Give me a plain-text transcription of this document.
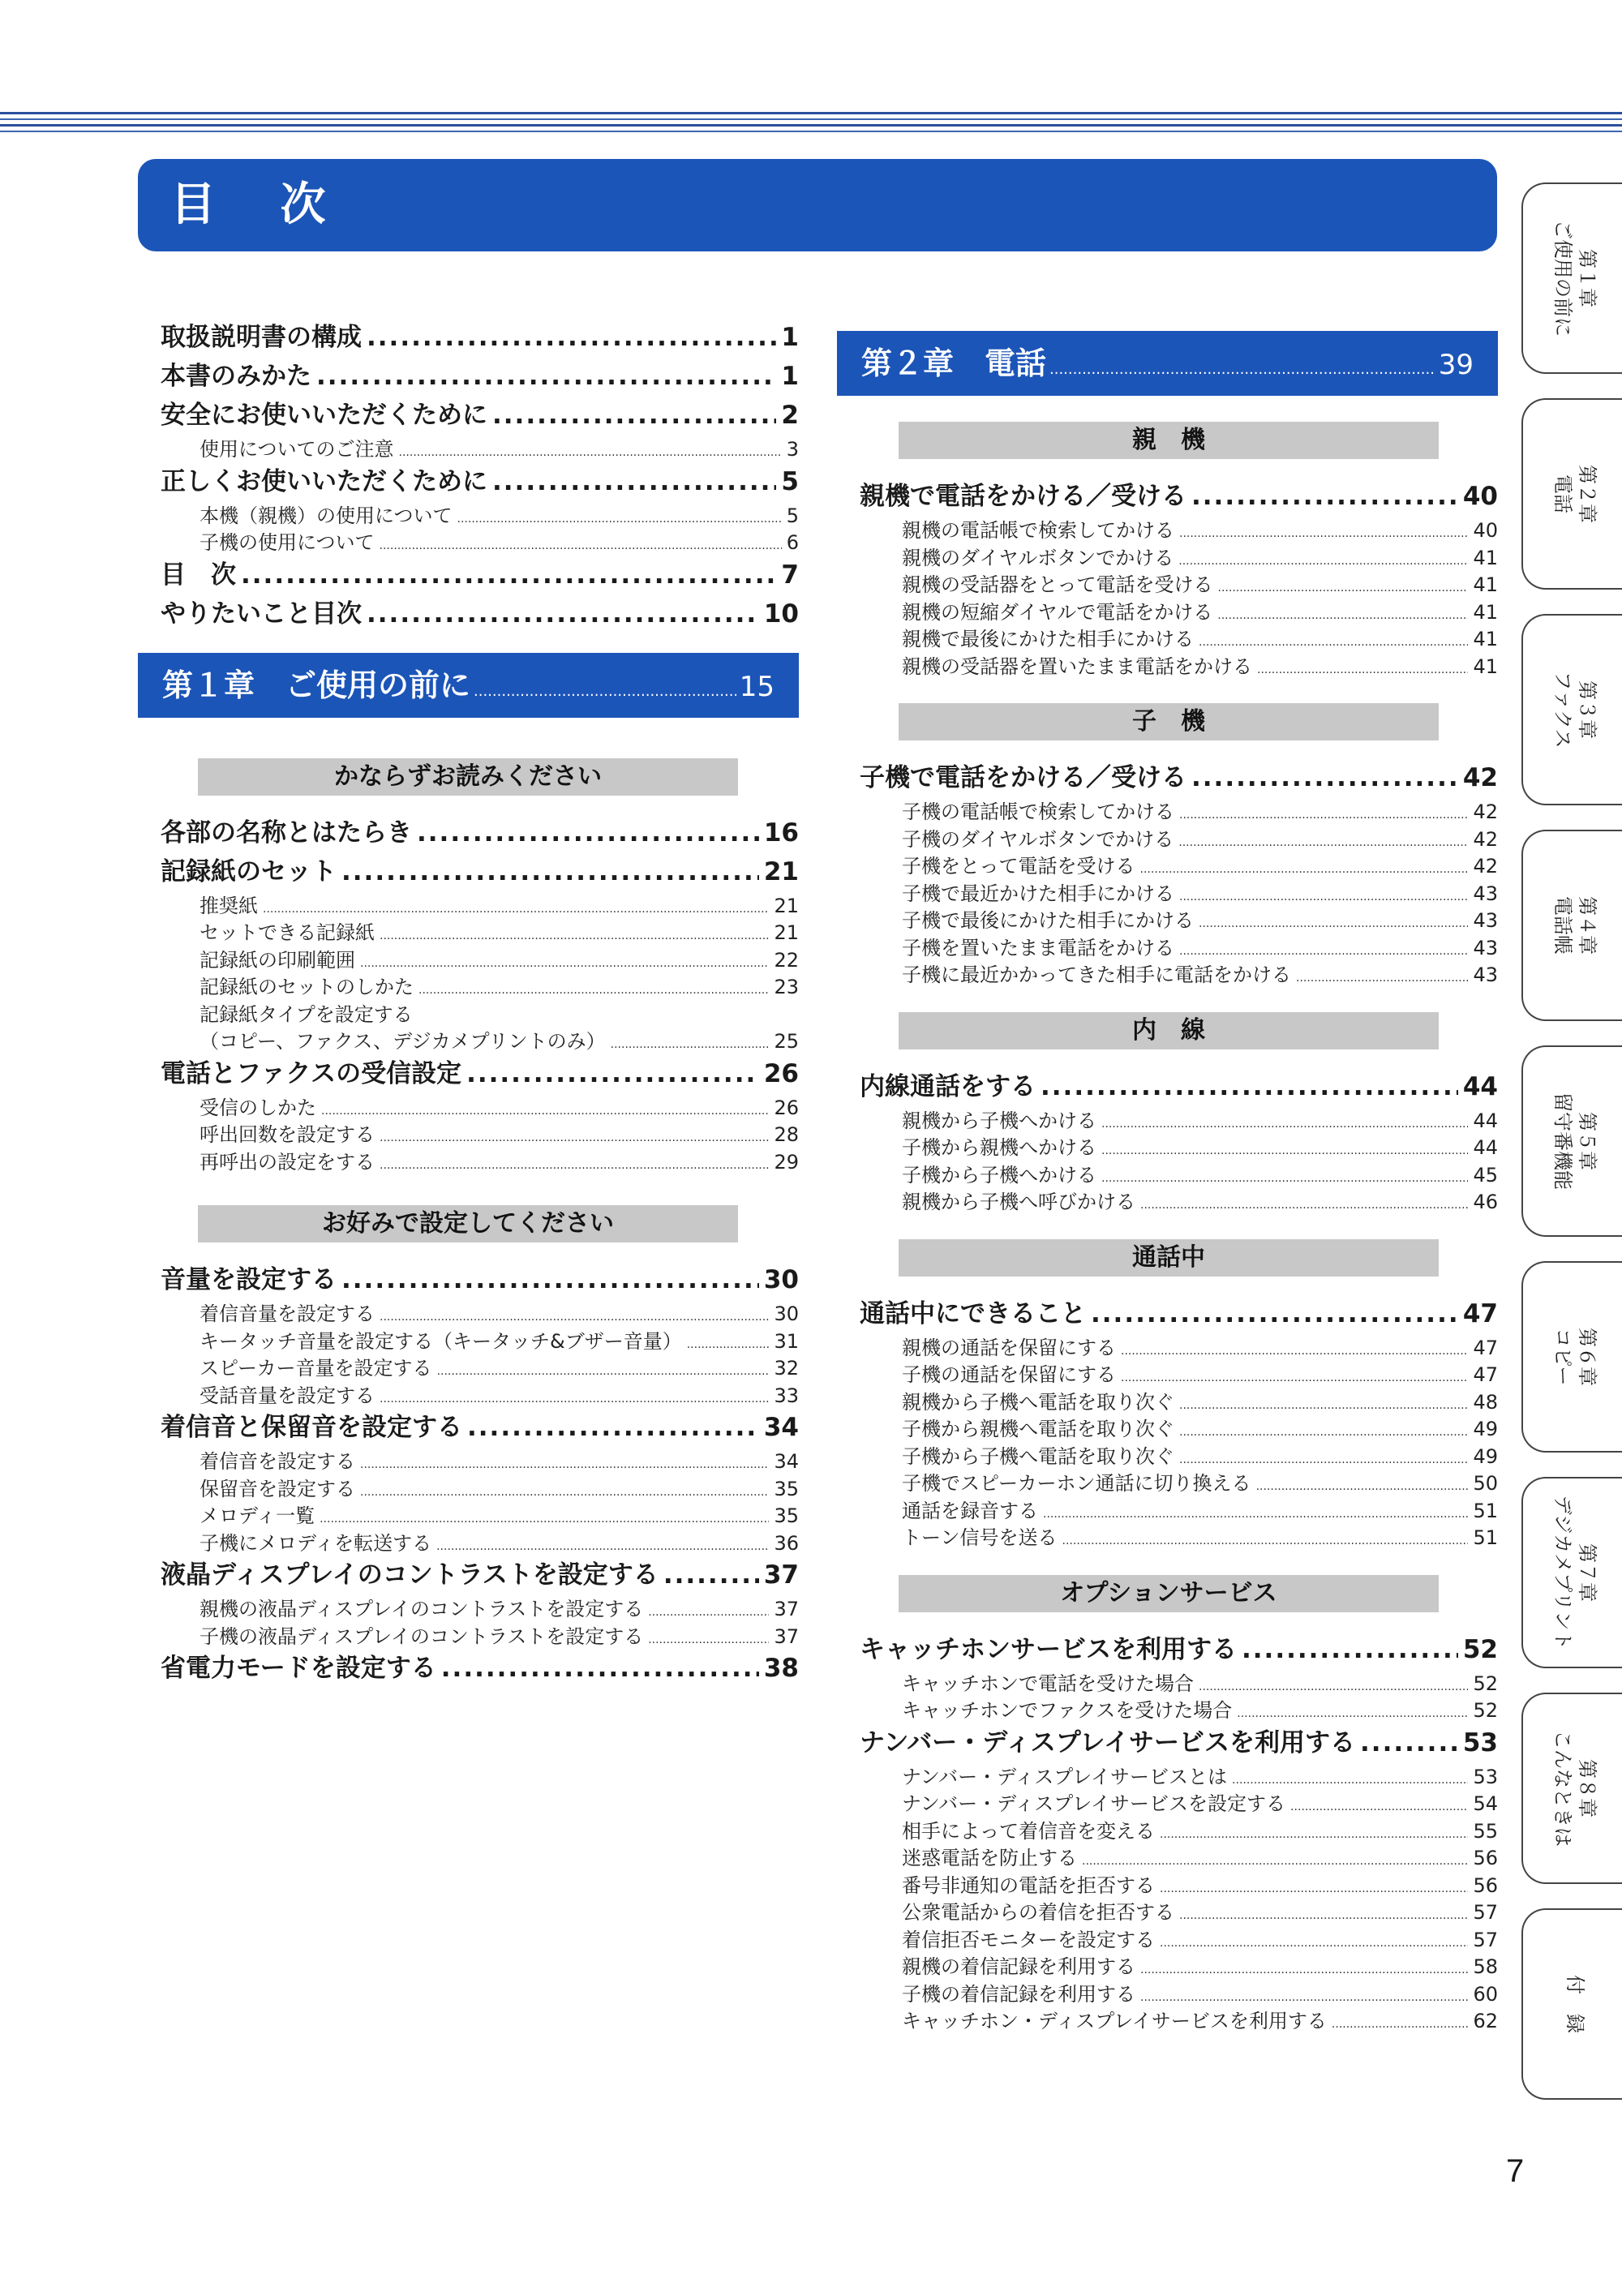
目 次
取扱説明書の構成 .....	1
本書のみかた .....	1
安全にお使いいただくために .....	2
使用についてのご注意 .....	3
正しくお使いいただくために .....	5
本機（親機）の使用について .....	5
子機の使用について .....	6
目　次 .....	7
やりたいこと目次 .....	10
第１章　ご使用の前に .....	15
かならずお読みください
各部の名称とはたらき .....	16
記録紙のセット .....	21
推奨紙 .....	21
セットできる記録紙 .....	21
記録紙の印刷範囲 .....	22
記録紙のセットのしかた .....	23
記録紙タイプを設定する
（コピー、ファクス、デジカメプリントのみ） .....	25
電話とファクスの受信設定 .....	26
受信のしかた .....	26
呼出回数を設定する .....	28
再呼出の設定をする .....	29
お好みで設定してください
音量を設定する .....	30
着信音量を設定する .....	30
キータッチ音量を設定する（キータッチ&ブザー音量） .....	31
スピーカー音量を設定する .....	32
受話音量を設定する .....	33
着信音と保留音を設定する .....	34
着信音を設定する .....	34
保留音を設定する .....	35
メロディ一覧 .....	35
子機にメロディを転送する .....	36
液晶ディスプレイのコントラストを設定する .....	37
親機の液晶ディスプレイのコントラストを設定する .....	37
子機の液晶ディスプレイのコントラストを設定する .....	37
省電力モードを設定する .....	38
第２章　電話 .....	39
親　機
親機で電話をかける／受ける .....	40
親機の電話帳で検索してかける .....	40
親機のダイヤルボタンでかける .....	41
親機の受話器をとって電話を受ける .....	41
親機の短縮ダイヤルで電話をかける .....	41
親機で最後にかけた相手にかける .....	41
親機の受話器を置いたまま電話をかける .....	41
子　機
子機で電話をかける／受ける .....	42
子機の電話帳で検索してかける .....	42
子機のダイヤルボタンでかける .....	42
子機をとって電話を受ける .....	42
子機で最近かけた相手にかける .....	43
子機で最後にかけた相手にかける .....	43
子機を置いたまま電話をかける .....	43
子機に最近かかってきた相手に電話をかける .....	43
内　線
内線通話をする .....	44
親機から子機へかける .....	44
子機から親機へかける .....	44
子機から子機へかける .....	45
親機から子機へ呼びかける .....	46
通話中
通話中にできること .....	47
親機の通話を保留にする .....	47
子機の通話を保留にする .....	47
親機から子機へ電話を取り次ぐ .....	48
子機から親機へ電話を取り次ぐ .....	49
子機から子機へ電話を取り次ぐ .....	49
子機でスピーカーホン通話に切り換える .....	50
通話を録音する .....	51
トーン信号を送る .....	51
オプションサービス
キャッチホンサービスを利用する .....	52
キャッチホンで電話を受けた場合 .....	52
キャッチホンでファクスを受けた場合 .....	52
ナンバー・ディスプレイサービスを利用する .....	53
ナンバー・ディスプレイサービスとは .....	53
ナンバー・ディスプレイサービスを設定する .....	54
相手によって着信音を変える .....	55
迷惑電話を防止する .....	56
番号非通知の電話を拒否する .....	56
公衆電話からの着信を拒否する .....	57
着信拒否モニターを設定する .....	57
親機の着信記録を利用する .....	58
子機の着信記録を利用する .....	60
キャッチホン・ディスプレイサービスを利用する .....	62
第１章
ご使用の前に
第２章
電話
第３章
ファクス
第４章
電話帳
第５章
留守番機能
第６章
コピー
第７章
デジカメプリント
第８章
こんなときは
付　録
7
